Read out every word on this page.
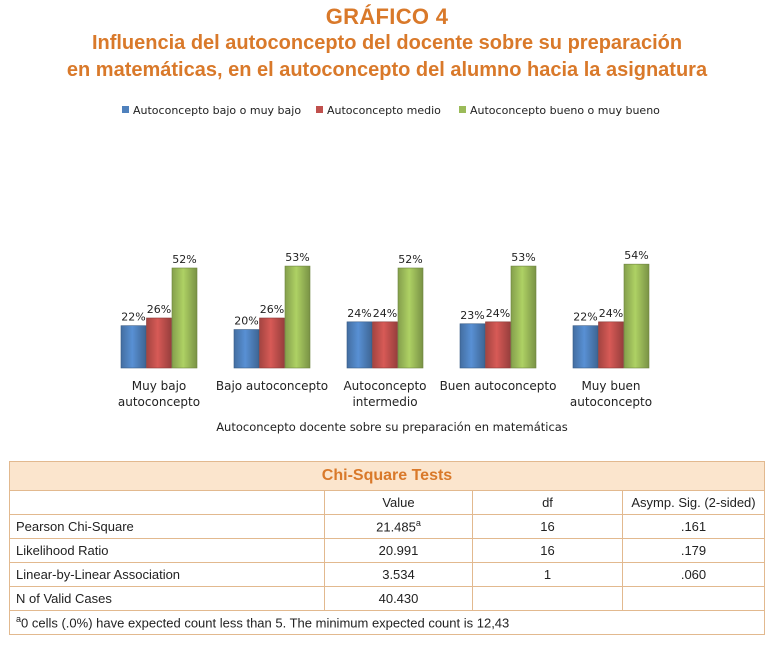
GRÁFICO 4
Influencia del autoconcepto del docente sobre su preparación
en matemáticas, en el autoconcepto del alumno hacia la asignatura
Autoconcepto bajo o muy bajo Autoconcepto medio	Autoconcepto bueno o muy bueno
22%
26%
52%
Muy bajo
autoconcepto
20%
26%
53%
Bajo autoconcepto
24% 24%
52%
Autoconcepto
intermedio
23% 24%
53%
Buen autoconcepto
22% 24%
54%
Muy buen
autoconcepto
Autoconcepto docente sobre su preparación en matemáticas
Chi-Square Tests			
	Value	df	Asymp. Sig. (2-sided)
Pearson Chi-Square	21.485$^a$	16	.161
Likelihood Ratio	20.991	16	.179
Linear-by-Linear Association	3.534	1	.060
N of Valid Cases	40.430		
$^a$0 cells (.0%) have expected count less than 5. The minimum expected count is 12,43			
